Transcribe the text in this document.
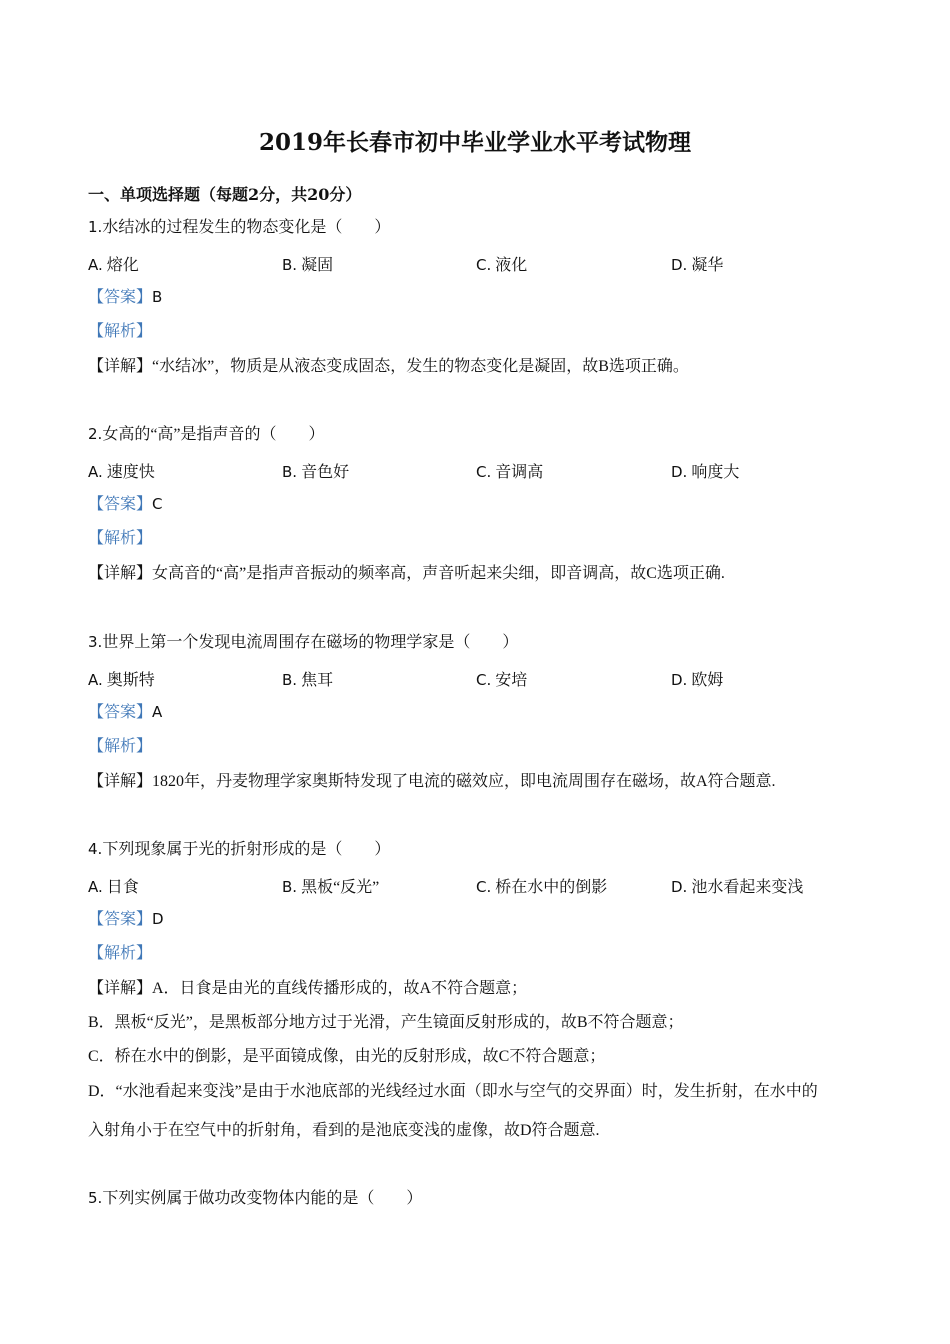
2019年长春市初中毕业学业水平考试物理
一、单项选择题（每题2分，共20分）
1.水结冰的过程发生的物态变化是（　　）
A. 熔化	B. 凝固	C. 液化	D. 凝华
【答案】B
【解析】
【详解】“水结冰”，物质是从液态变成固态，发生的物态变化是凝固，故B选项正确。
2.女高的“高”是指声音的（　　）
A. 速度快	B. 音色好	C. 音调高	D. 响度大
【答案】C
【解析】
【详解】女高音的“高”是指声音振动的频率高，声音听起来尖细，即音调高，故C选项正确.
3.世界上第一个发现电流周围存在磁场的物理学家是（　　）
A. 奥斯特	B. 焦耳	C. 安培	D. 欧姆
【答案】A
【解析】
【详解】1820年，丹麦物理学家奥斯特发现了电流的磁效应，即电流周围存在磁场，故A符合题意.
4.下列现象属于光的折射形成的是（　　）
A. 日食	B. 黑板“反光”	C. 桥在水中的倒影	D. 池水看起来变浅
【答案】D
【解析】
【详解】A．日食是由光的直线传播形成的，故A不符合题意；
B．黑板“反光”，是黑板部分地方过于光滑，产生镜面反射形成的，故B不符合题意；
C．桥在水中的倒影，是平面镜成像，由光的反射形成，故C不符合题意；
D．“水池看起来变浅”是由于水池底部的光线经过水面（即水与空气的交界面）时，发生折射，在水中的
入射角小于在空气中的折射角，看到的是池底变浅的虚像，故D符合题意.
5.下列实例属于做功改变物体内能的是（　　）
